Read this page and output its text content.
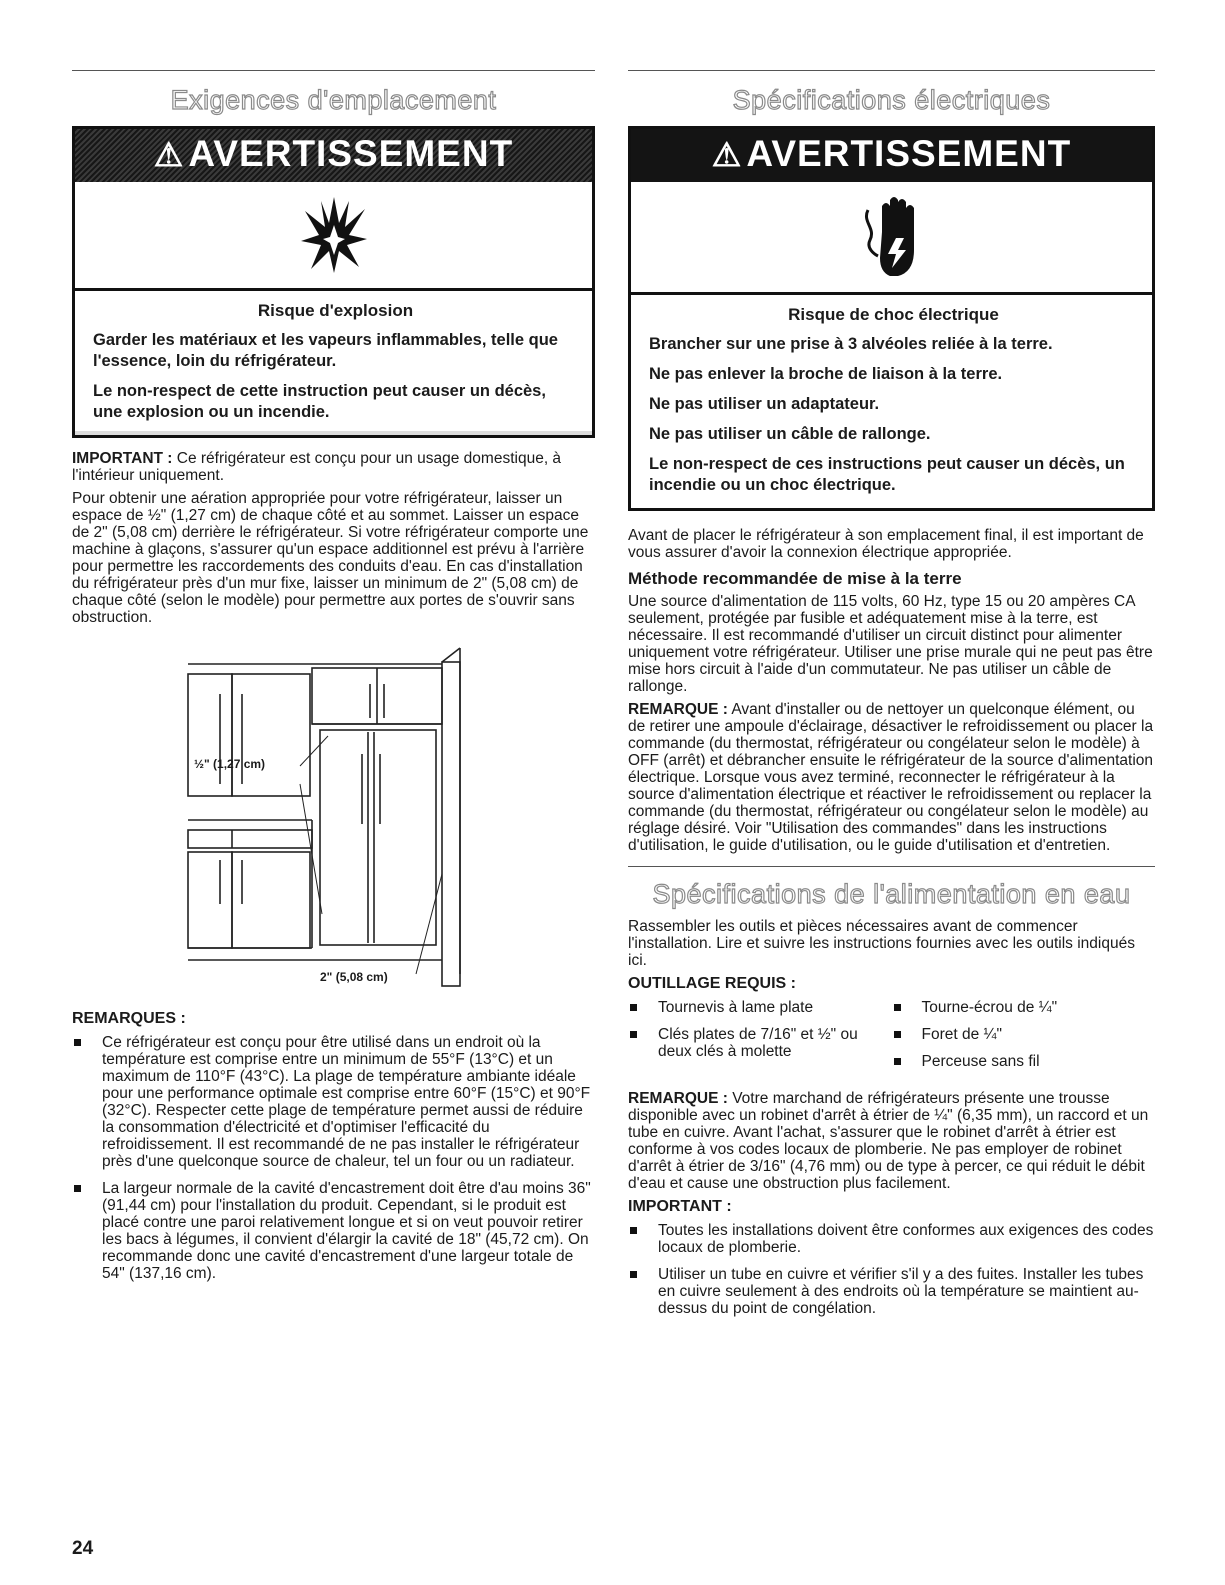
Exigences d'emplacement
⚠ AVERTISSEMENT
Risque d'explosion
Garder les matériaux et les vapeurs inflammables, telle que l'essence, loin du réfrigérateur.
Le non-respect de cette instruction peut causer un décès, une explosion ou un incendie.

IMPORTANT : Ce réfrigérateur est conçu pour un usage domestique, à l'intérieur uniquement.

Pour obtenir une aération appropriée pour votre réfrigérateur, laisser un espace de ½" (1,27 cm) de chaque côté et au sommet. Laisser un espace de 2" (5,08 cm) derrière le réfrigérateur. Si votre réfrigérateur comporte une machine à glaçons, s'assurer qu'un espace additionnel est prévu à l'arrière pour permettre les raccordements des conduits d'eau. En cas d'installation du réfrigérateur près d'un mur fixe, laisser un minimum de 2" (5,08 cm) de chaque côté (selon le modèle) pour permettre aux portes de s'ouvrir sans obstruction.

½" (1,27 cm)
2" (5,08 cm)
REMARQUES :
Ce réfrigérateur est conçu pour être utilisé dans un endroit où la température est comprise entre un minimum de 55°F (13°C) et un maximum de 110°F (43°C). La plage de température ambiante idéale pour une performance optimale est comprise entre 60°F (15°C) et 90°F (32°C). Respecter cette plage de température permet aussi de réduire la consommation d'électricité et d'optimiser l'efficacité du refroidissement. Il est recommandé de ne pas installer le réfrigérateur près d'une quelconque source de chaleur, tel un four ou un radiateur.
La largeur normale de la cavité d'encastrement doit être d'au moins 36" (91,44 cm) pour l'installation du produit. Cependant, si le produit est placé contre une paroi relativement longue et si on veut pouvoir retirer les bacs à légumes, il convient d'élargir la cavité de 18" (45,72 cm). On recommande donc une cavité d'encastrement d'une largeur totale de 54" (137,16 cm).
Spécifications électriques
⚠ AVERTISSEMENT
Risque de choc électrique
Brancher sur une prise à 3 alvéoles reliée à la terre.
Ne pas enlever la broche de liaison à la terre.
Ne pas utiliser un adaptateur.
Ne pas utiliser un câble de rallonge.
Le non-respect de ces instructions peut causer un décès, un incendie ou un choc électrique.

Avant de placer le réfrigérateur à son emplacement final, il est important de vous assurer d'avoir la connexion électrique appropriée.

Méthode recommandée de mise à la terre

Une source d'alimentation de 115 volts, 60 Hz, type 15 ou 20 ampères CA seulement, protégée par fusible et adéquatement mise à la terre, est nécessaire. Il est recommandé d'utiliser un circuit distinct pour alimenter uniquement votre réfrigérateur. Utiliser une prise murale qui ne peut pas être mise hors circuit à l'aide d'un commutateur. Ne pas utiliser un câble de rallonge.

REMARQUE : Avant d'installer ou de nettoyer un quelconque élément, ou de retirer une ampoule d'éclairage, désactiver le refroidissement ou placer la commande (du thermostat, réfrigérateur ou congélateur selon le modèle) à OFF (arrêt) et débrancher ensuite le réfrigérateur de la source d'alimentation électrique. Lorsque vous avez terminé, reconnecter le réfrigérateur à la source d'alimentation électrique et réactiver le refroidissement ou replacer la commande (du thermostat, réfrigérateur ou congélateur selon le modèle) au réglage désiré. Voir "Utilisation des commandes" dans les instructions d'utilisation, le guide d'utilisation, ou le guide d'utilisation et d'entretien.

Spécifications de l'alimentation en eau

Rassembler les outils et pièces nécessaires avant de commencer l'installation. Lire et suivre les instructions fournies avec les outils indiqués ici.

OUTILLAGE REQUIS :
Tournevis à lame plate
Clés plates de 7/16" et ½" ou deux clés à molette
Tourne-écrou de ¼"
Foret de ¼"
Perceuse sans fil

REMARQUE : Votre marchand de réfrigérateurs présente une trousse disponible avec un robinet d'arrêt à étrier de ¼" (6,35 mm), un raccord et un tube en cuivre. Avant l'achat, s'assurer que le robinet d'arrêt à étrier est conforme à vos codes locaux de plomberie. Ne pas employer de robinet d'arrêt à étrier de 3/16" (4,76 mm) ou de type à percer, ce qui réduit le débit d'eau et cause une obstruction plus facilement.

IMPORTANT :
Toutes les installations doivent être conformes aux exigences des codes locaux de plomberie.
Utiliser un tube en cuivre et vérifier s'il y a des fuites. Installer les tubes en cuivre seulement à des endroits où la température se maintient au-dessus du point de congélation.
24
